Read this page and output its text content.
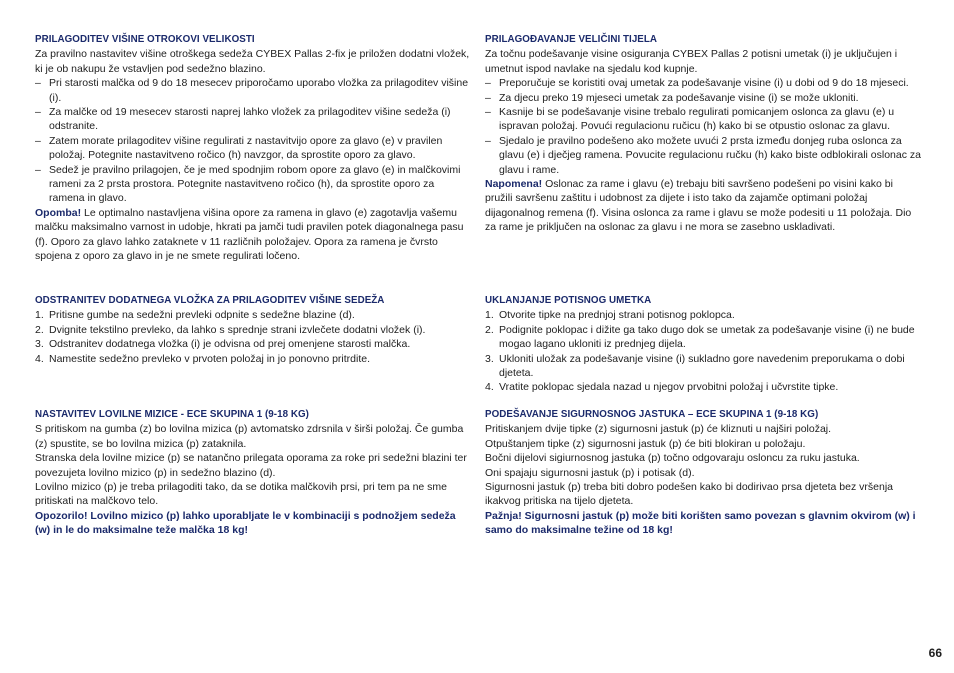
PRILAGODITEV VIŠINE OTROKOVI VELIKOSTI

Za pravilno nastavitev višine otroškega sedeža CYBEX Pallas 2-fix je priložen dodatni vložek, ki je ob nakupu že vstavljen pod sedežno blazino.

– Pri starosti malčka od 9 do 18 mesecev priporočamo uporabo vložka za prilagoditev višine (i).

– Za malčke od 19 mesecev starosti naprej lahko vložek za prilagoditev višine sedeža (i) odstranite.

– Zatem morate prilagoditev višine regulirati z nastavitvijo opore za glavo (e) v pravilen položaj. Potegnite nastavitveno ročico (h) navzgor, da sprostite oporo za glavo.

– Sedež je pravilno prilagojen, če je med spodnjim robom opore za glavo (e) in malčkovimi rameni za 2 prsta prostora. Potegnite nastavitveno ročico (h), da sprostite oporo za ramena in glavo.

Opomba! Le optimalno nastavljena višina opore za ramena in glavo (e) zagotavlja vašemu malčku maksimalno varnost in udobje, hkrati pa jamči tudi pravilen potek diagonalnega pasu (f). Oporo za glavo lahko zataknete v 11 različnih položajev. Opora za ramena je čvrsto spojena z oporo za glavo in je ne smete regulirati ločeno.

ODSTRANITEV DODATNEGA VLOŽKA ZA PRILAGODITEV VIŠINE SEDEŽA

1. Pritisne gumbe na sedežni prevleki odpnite s sedežne blazine (d).

2. Dvignite tekstilno prevleko, da lahko s sprednje strani izvlečete dodatni vložek (i).

3. Odstranitev dodatnega vložka (i) je odvisna od prej omenjene starosti malčka.

4. Namestite sedežno prevleko v prvoten položaj in jo ponovno pritrdite.

NASTAVITEV LOVILNE MIZICE - ECE SKUPINA 1 (9-18 KG)

S pritiskom na gumba (z) bo lovilna mizica (p) avtomatsko zdrsnila v širši položaj. Če gumba (z) spustite, se bo lovilna mizica (p) zataknila.

Stranska dela lovilne mizice (p) se natančno prilegata oporama za roke pri sedežni blazini ter povezujeta lovilno mizico (p) in sedežno blazino (d).

Lovilno mizico (p) je treba prilagoditi tako, da se dotika malčkovih prsi, pri tem pa ne sme pritiskati na malčkovo telo.

Opozorilo! Lovilno mizico (p) lahko uporabljate le v kombinaciji s podnožjem sedeža (w) in le do maksimalne teže malčka 18 kg!

PRILAGOĐAVANJE VELIČINI TIJELA

Za točnu podešavanje visine osiguranja CYBEX Pallas 2 potisni umetak (i) je uključujen i umetnut ispod navlake na sjedalu kod kupnje.

– Preporučuje se koristiti ovaj umetak za podešavanje visine (i) u dobi od 9 do 18 mjeseci.

– Za djecu preko 19 mjeseci umetak za podešavanje visine (i) se može ukloniti.

– Kasnije bi se podešavanje visine trebalo regulirati pomicanjem oslonca za glavu (e) u ispravan položaj. Povući regulacionu ručicu (h) kako bi se otpustio oslonac za glavu.

– Sjedalo je pravilno podešeno ako možete uvući 2 prsta između donjeg ruba oslonca za glavu (e) i dječjeg ramena. Povucite regulacionu ručku (h) kako biste odblokirali oslonac za glavu i rame.

Napomena! Oslonac za rame i glavu (e) trebaju biti savršeno podešeni po visini kako bi pružili savršenu zaštitu i udobnost za dijete i isto tako da zajamče optimani položaj dijagonalnog remena (f). Visina oslonca za rame i glavu se može podesiti u 11 položaja. Dio za rame je priključen na oslonac za glavu i ne mora se zasebno uskladivati.

UKLANJANJE POTISNOG UMETKA

1. Otvorite tipke na prednjoj strani potisnog poklopca.

2. Podignite poklopac i dižite ga tako dugo dok se umetak za podešavanje visine (i) ne bude mogao lagano ukloniti iz prednjeg dijela.

3. Ukloniti uložak za podešavanje visine (i) sukladno gore navedenim preporukama o dobi djeteta.

4. Vratite poklopac sjedala nazad u njegov prvobitni položaj i učvrstite tipke.

PODEŠAVANJE SIGURNOSNOG JASTUKA – ECE SKUPINA 1 (9-18 KG)

Pritiskanjem dvije tipke (z) sigurnosni jastuk (p) će kliznuti u najširi položaj.

Otpuštanjem tipke (z) sigurnosni jastuk (p) će biti blokiran u položaju.

Bočni dijelovi sigiurnosnog jastuka (p) točno odgovaraju osloncu za ruku jastuka.

Oni spajaju sigurnosni jastuk (p) i potisak (d).

Sigurnosni jastuk (p) treba biti dobro podešen kako bi dodirivao prsa djeteta bez vršenja ikakvog pritiska na tijelo djeteta.

Pažnja! Sigurnosni jastuk (p) može biti korišten samo povezan s glavnim okvirom (w) i samo do maksimalne težine od 18 kg!

66
